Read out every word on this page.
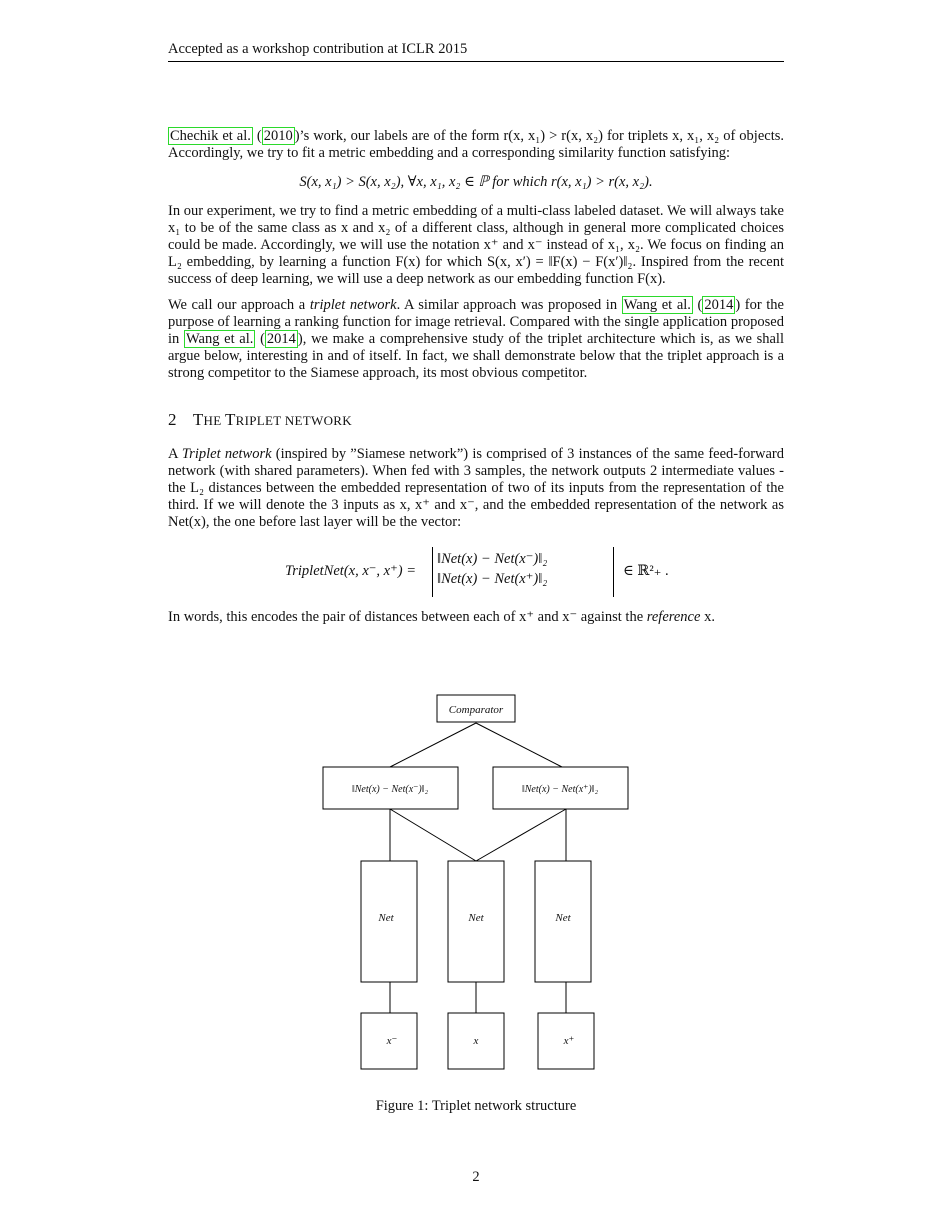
Accepted as a workshop contribution at ICLR 2015

Chechik et al. ( 2010 )’s work, our labels are of the form r(x, x₁) > r(x, x₂) for triplets x, x₁, x₂ of objects. Accordingly, we try to fit a metric embedding and a corresponding similarity function satisfying:

S(x, x₁) > S(x, x₂), ∀x, x₁, x₂ ∈ ℙ for which r(x, x₁) > r(x, x₂).

In our experiment, we try to find a metric embedding of a multi-class labeled dataset. We will always take x₁ to be of the same class as x and x₂ of a different class, although in general more complicated choices could be made. Accordingly, we will use the notation x⁺ and x⁻ instead of x₁, x₂. We focus on finding an L₂ embedding, by learning a function F(x) for which S(x, x′) = ‖F(x) − F(x′)‖₂. Inspired from the recent success of deep learning, we will use a deep network as our embedding function F(x).

We call our approach a triplet network. A similar approach was proposed in Wang et al. ( 2014 ) for the purpose of learning a ranking function for image retrieval. Compared with the single application proposed in Wang et al. ( 2014 ), we make a comprehensive study of the triplet architecture which is, as we shall argue below, interesting in and of itself. In fact, we shall demonstrate below that the triplet approach is a strong competitor to the Siamese approach, its most obvious competitor.

2 THE TRIPLET NETWORK

A Triplet network (inspired by ”Siamese network”) is comprised of 3 instances of the same feed-forward network (with shared parameters). When fed with 3 samples, the network outputs 2 intermediate values - the L₂ distances between the embedded representation of two of its inputs from the representation of the third. If we will denote the 3 inputs as x, x⁺ and x⁻, and the embedded representation of the network as Net(x), the one before last layer will be the vector:

TripletNet(x, x⁻, x⁺) =
‖Net(x) − Net(x⁻)‖₂
‖Net(x) − Net(x⁺)‖₂	∈ ℝ²₊ .

In words, this encodes the pair of distances between each of x⁺ and x⁻ against the reference x.

Comparator
‖Net(x) − Net(x⁻)‖₂	‖Net(x) − Net(x⁺)‖₂
Net	Net	Net
x⁻	x	x⁺
Figure 1: Triplet network structure
2
